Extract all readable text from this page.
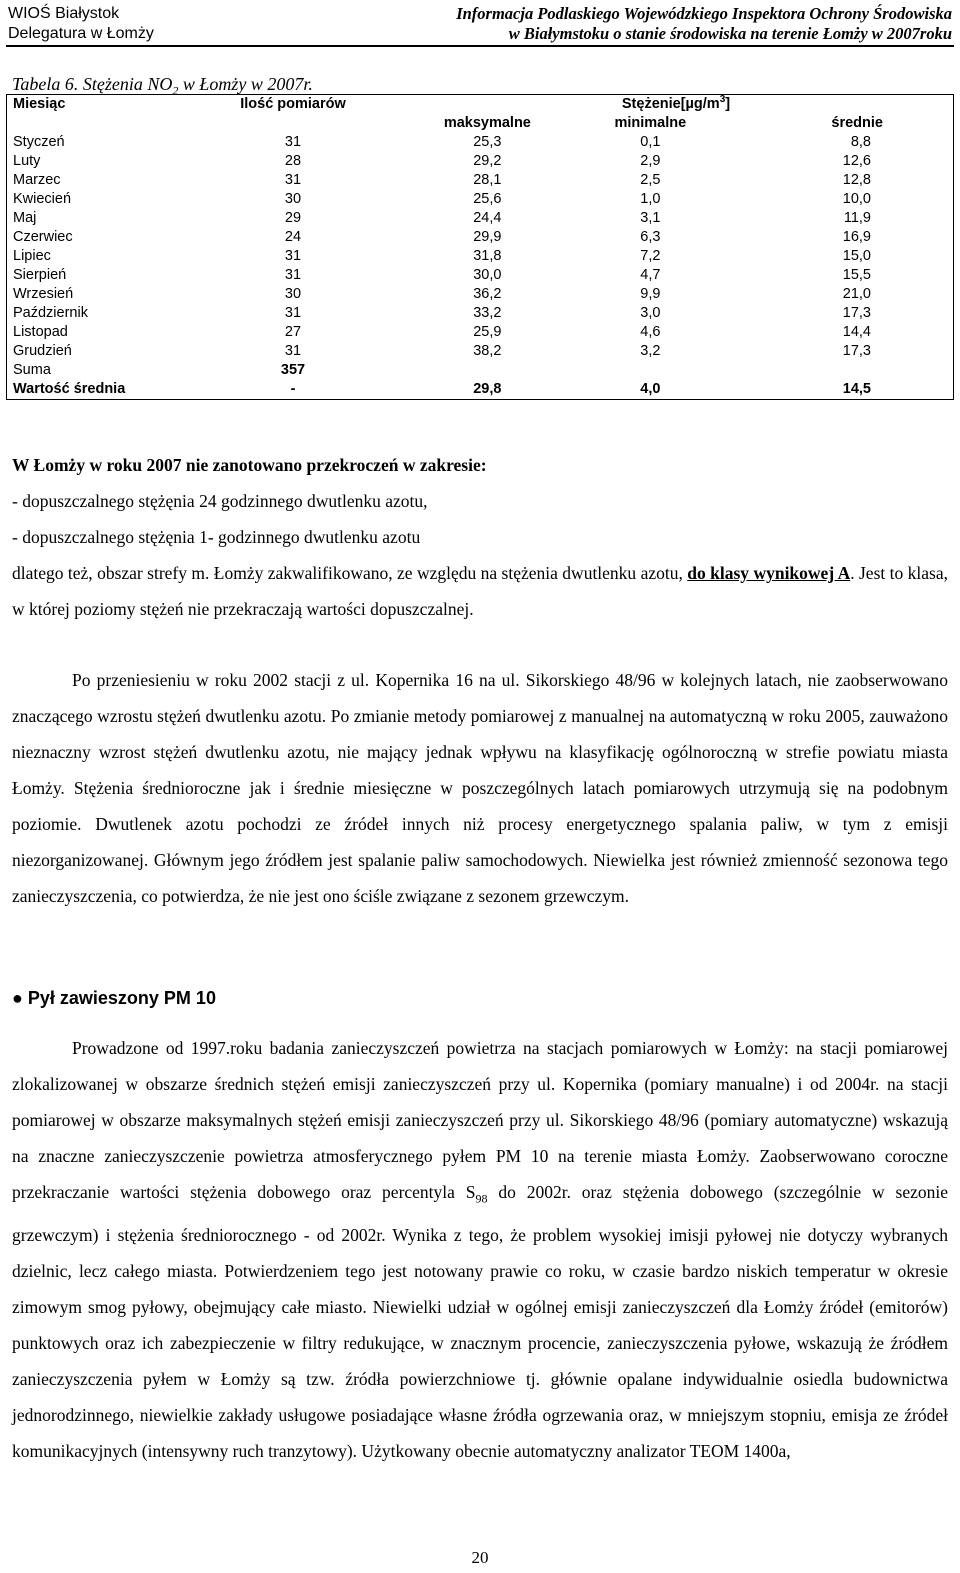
WIOŚ Białystok
Delegatura w Łomży
Informacja Podlaskiego Wojewódzkiego Inspektora Ochrony Środowiska
w Białymstoku o stanie środowiska na terenie Łomży w 2007roku
Tabela 6. Stężenia $NO_2$ w Łomży w 2007r.
Miesiąc	Ilość pomiarów	$Stężenie[\mu g/m^3]$		
		maksymalne	minimalne	średnie
Styczeń	31	25,3	0,1	8,8
Luty	28	29,2	2,9	12,6
Marzec	31	28,1	2,5	12,8
Kwiecień	30	25,6	1,0	10,0
Maj	29	24,4	3,1	11,9
Czerwiec	24	29,9	6,3	16,9
Lipiec	31	31,8	7,2	15,0
Sierpień	31	30,0	4,7	15,5
Wrzesień	30	36,2	9,9	21,0
Październik	31	33,2	3,0	17,3
Listopad	27	25,9	4,6	14,4
Grudzień	31	38,2	3,2	17,3
Suma	357			
Wartość średnia	-	29,8	4,0	14,5
W Łomży w roku 2007 nie zanotowano przekroczeń w zakresie:
- dopuszczalnego stężęnia 24 godzinnego dwutlenku azotu,
- dopuszczalnego stężęnia 1- godzinnego dwutlenku azotu
dlatego też, obszar strefy m. Łomży zakwalifikowano, ze względu na stężenia dwutlenku azotu, do klasy wynikowej A. Jest to klasa, w której poziomy stężeń nie przekraczają wartości dopuszczalnej.
Po przeniesieniu w roku 2002 stacji z ul. Kopernika 16 na ul. Sikorskiego 48/96 w kolejnych latach, nie zaobserwowano znaczącego wzrostu stężeń dwutlenku azotu. Po zmianie metody pomiarowej z manualnej na automatyczną w roku 2005, zauważono nieznaczny wzrost stężeń dwutlenku azotu, nie mający jednak wpływu na klasyfikację ogólnoroczną w strefie powiatu miasta Łomży. Stężenia średnioroczne jak i średnie miesięczne w poszczególnych latach pomiarowych utrzymują się na podobnym poziomie. Dwutlenek azotu pochodzi ze źródeł innych niż procesy energetycznego spalania paliw, w tym z emisji niezorganizowanej. Głównym jego źródłem jest spalanie paliw samochodowych. Niewielka jest również zmienność sezonowa tego zanieczyszczenia, co potwierdza, że nie jest ono ściśle związane z sezonem grzewczym.
● Pył zawieszony PM 10
Prowadzone od 1997.roku badania zanieczyszczeń powietrza na stacjach pomiarowych w Łomży: na stacji pomiarowej zlokalizowanej w obszarze średnich stężeń emisji zanieczyszczeń przy ul. Kopernika (pomiary manualne) i od 2004r. na stacji pomiarowej w obszarze maksymalnych stężeń emisji zanieczyszczeń przy ul. Sikorskiego 48/96 (pomiary automatyczne) wskazują na znaczne zanieczyszczenie powietrza atmosferycznego pyłem PM 10 na terenie miasta Łomży. Zaobserwowano coroczne przekraczanie wartości stężenia dobowego oraz percentyla $S_{98}$ do 2002r. oraz stężenia dobowego (szczególnie w sezonie grzewczym) i stężenia średniorocznego - od 2002r. Wynika z tego, że problem wysokiej imisji pyłowej nie dotyczy wybranych dzielnic, lecz całego miasta. Potwierdzeniem tego jest notowany prawie co roku, w czasie bardzo niskich temperatur w okresie zimowym smog pyłowy, obejmujący całe miasto. Niewielki udział w ogólnej emisji zanieczyszczeń dla Łomży źródeł (emitorów) punktowych oraz ich zabezpieczenie w filtry redukujące, w znacznym procencie, zanieczyszczenia pyłowe, wskazują że źródłem zanieczyszczenia pyłem w Łomży są tzw. źródła powierzchniowe tj. głównie opalane indywidualnie osiedla budownictwa jednorodzinnego, niewielkie zakłady usługowe posiadające własne źródła ogrzewania oraz, w mniejszym stopniu, emisja ze źródeł komunikacyjnych (intensywny ruch tranzytowy). Użytkowany obecnie automatyczny analizator TEOM 1400a,
20
